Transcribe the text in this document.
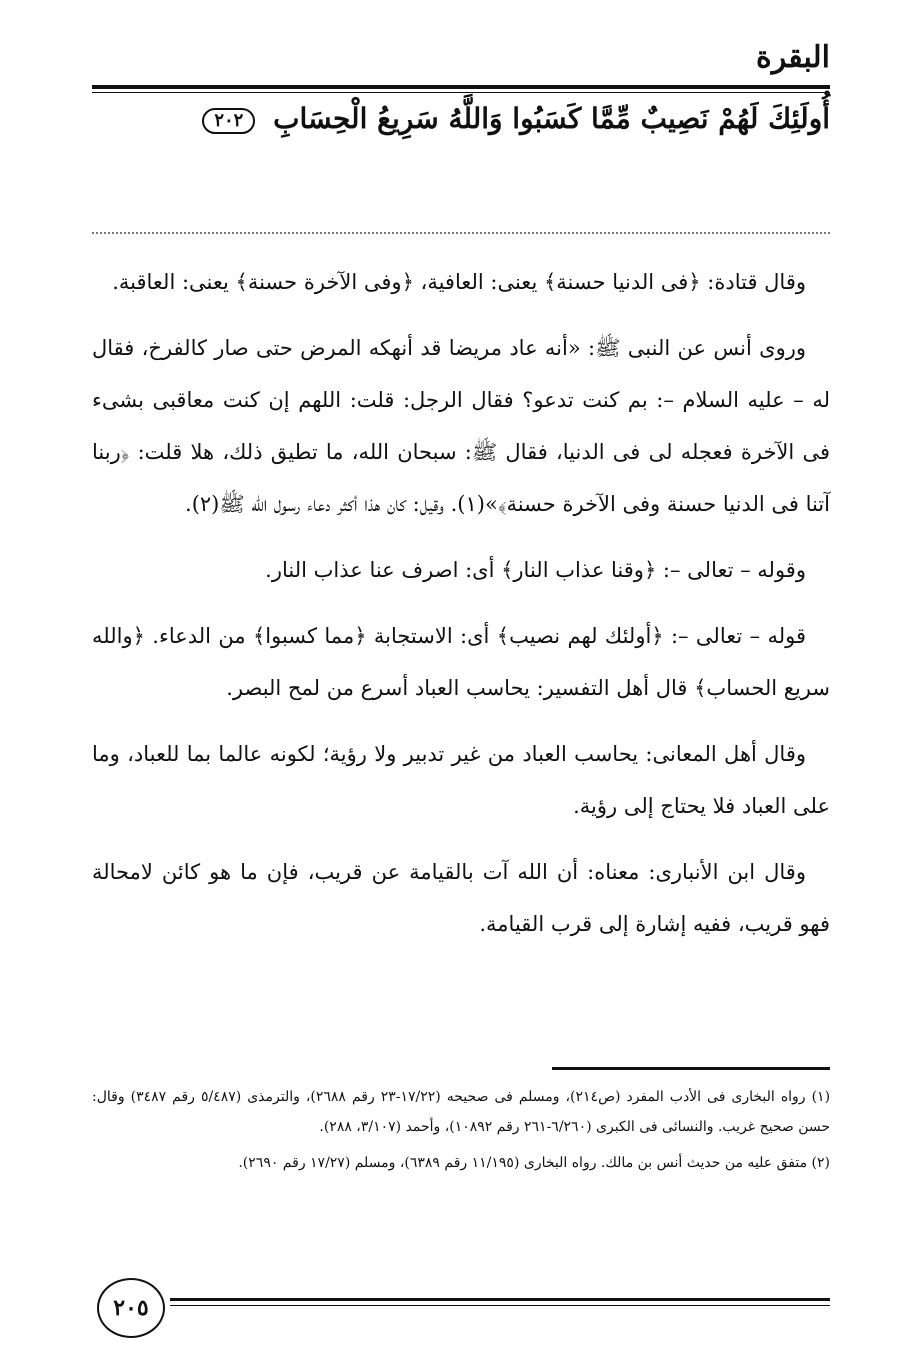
البقرة
أُولَئِكَ لَهُمْ نَصِيبٌ مِّمَّا كَسَبُوا وَاللَّهُ سَرِيعُ الْحِسَابِ ٢٠٢

وقال قتادة: ﴿فى الدنيا حسنة﴾ يعنى: العافية، ﴿وفى الآخرة حسنة﴾ يعنى: العاقبة.

وروى أنس عن النبى ﷺ: «أنه عاد مريضا قد أنهكه المرض حتى صار كالفرخ، فقال له – عليه السلام –: بم كنت تدعو؟ فقال الرجل: قلت: اللهم إن كنت معاقبى بشىء فى الآخرة فعجله لى فى الدنيا، فقال ﷺ: سبحان الله، ما تطيق ذلك، هلا قلت: ﴿ربنا آتنا فى الدنيا حسنة وفى الآخرة حسنة﴾»(١). وقيل: كان هذا أكثر دعاء رسول الله ﷺ(٢).

وقوله – تعالى –: ﴿وقنا عذاب النار﴾ أى: اصرف عنا عذاب النار.

قوله – تعالى –: ﴿أولئك لهم نصيب﴾ أى: الاستجابة ﴿مما كسبوا﴾ من الدعاء. ﴿والله سريع الحساب﴾ قال أهل التفسير: يحاسب العباد أسرع من لمح البصر.

وقال أهل المعانى: يحاسب العباد من غير تدبير ولا رؤية؛ لكونه عالما بما للعباد، وما على العباد فلا يحتاج إلى رؤية.

وقال ابن الأنبارى: معناه: أن الله آت بالقيامة عن قريب، فإن ما هو كائن لامحالة فهو قريب، ففيه إشارة إلى قرب القيامة.

(١) رواه البخارى فى الأدب المفرد (ص٢١٤)، ومسلم فى صحيحه (١٧/٢٢-٢٣ رقم ٢٦٨٨)، والترمذى (٥/٤٨٧ رقم ٣٤٨٧) وقال: حسن صحيح غريب. والنسائى فى الكبرى (٦/٢٦٠-٢٦١ رقم ١٠٨٩٢)، وأحمد (٣/١٠٧، ٢٨٨).

(٢) متفق عليه من حديث أنس بن مالك. رواه البخارى (١١/١٩٥ رقم ٦٣٨٩)، ومسلم (١٧/٢٧ رقم ٢٦٩٠).

٢٠٥
